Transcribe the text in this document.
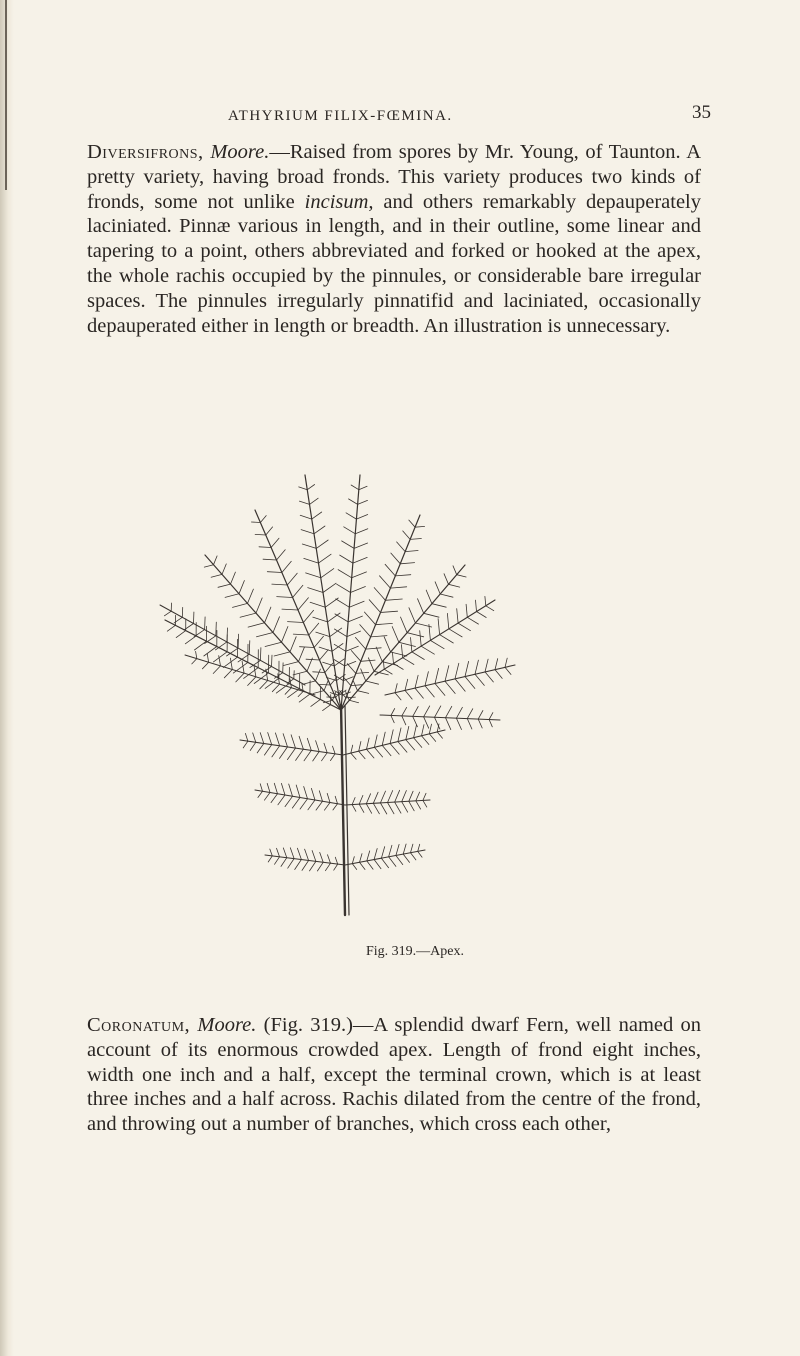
ATHYRIUM FILIX-FŒMINA.	35

Diversifrons, Moore.—Raised from spores by Mr. Young, of Taunton. A pretty variety, having broad fronds. This variety produces two kinds of fronds, some not unlike incisum, and others remarkably depauperately laciniated. Pinnæ various in length, and in their outline, some linear and tapering to a point, others abbreviated and forked or hooked at the apex, the whole rachis occupied by the pinnules, or considerable bare irregular spaces. The pinnules irregularly pinnatifid and laciniated, occasionally depauperated either in length or breadth. An illustration is unnecessary.

Fig. 319.—Apex.

Coronatum, Moore. (Fig. 319.)—A splendid dwarf Fern, well named on account of its enormous crowded apex. Length of frond eight inches, width one inch and a half, except the terminal crown, which is at least three inches and a half across. Rachis dilated from the centre of the frond, and throwing out a number of branches, which cross each other,
